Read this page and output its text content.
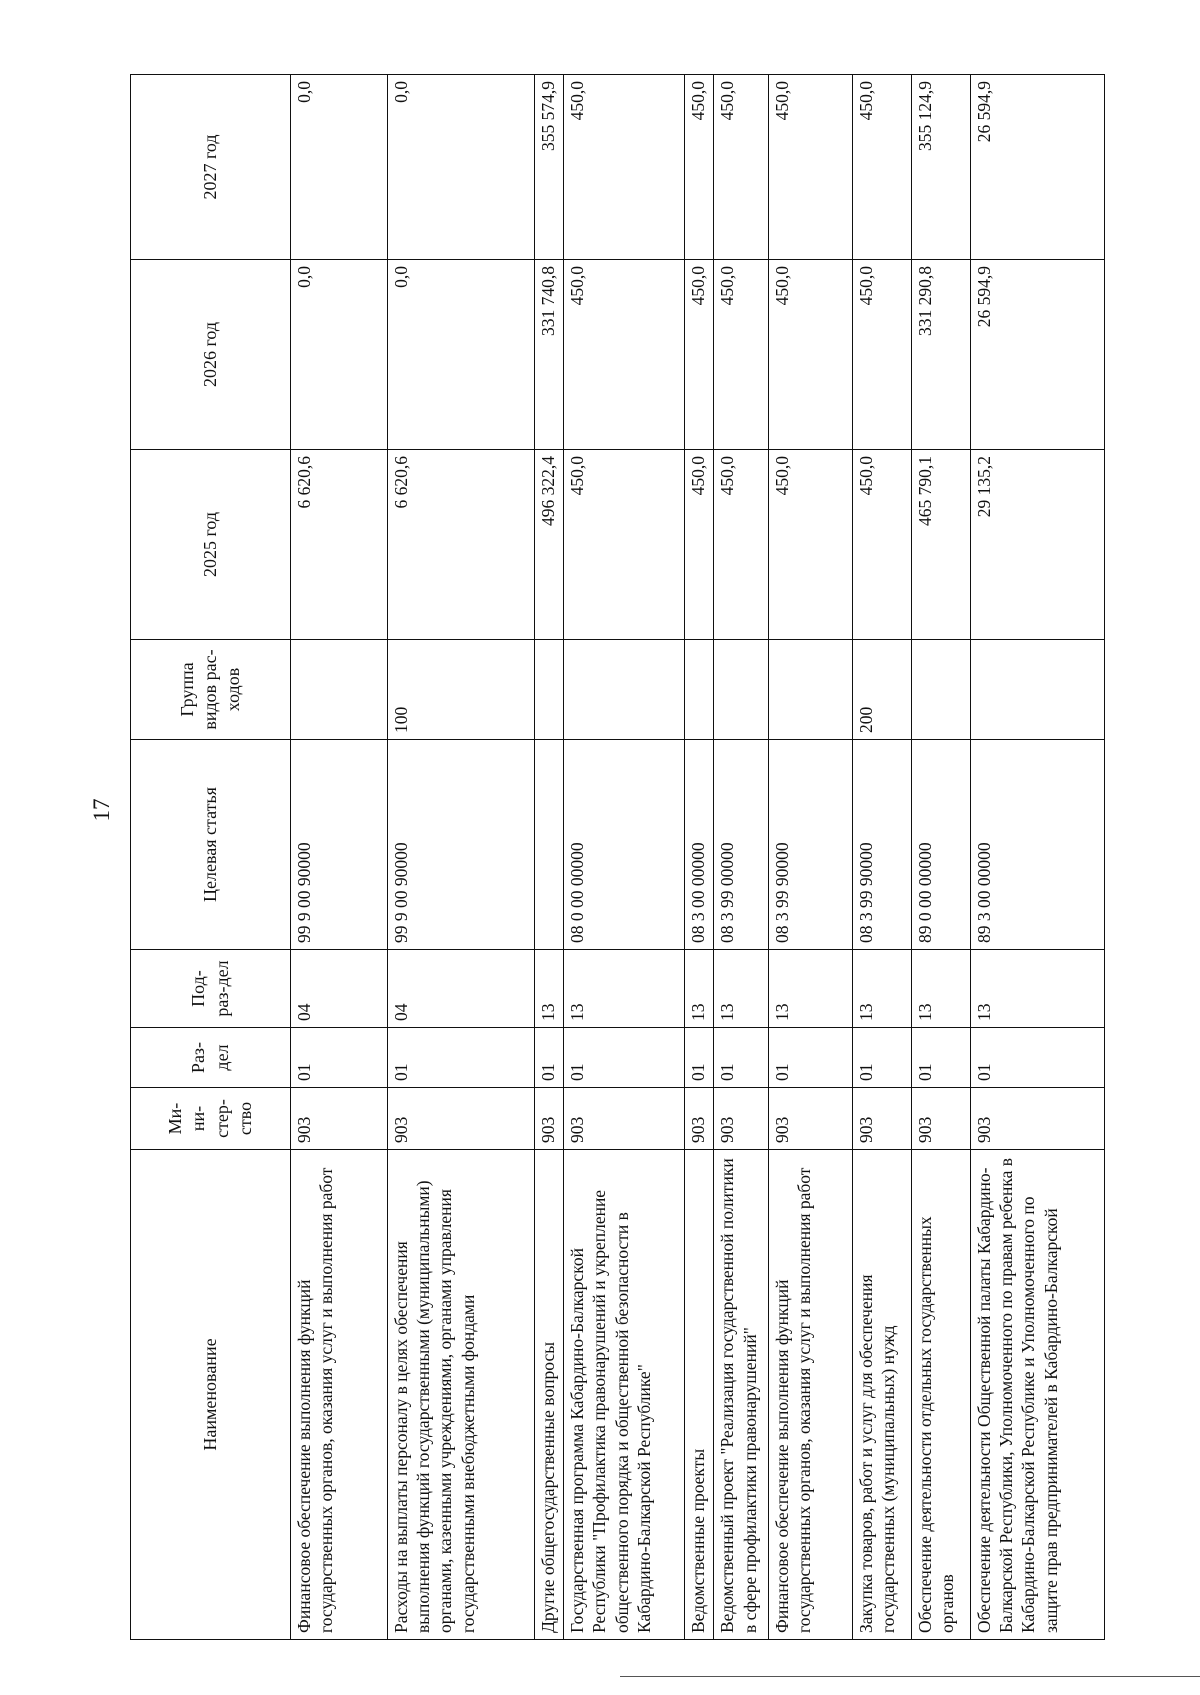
17
Наименование	Ми-ни-стер-ство	Раз-дел	Под-раз-дел	Целевая статья	Группа видов рас-ходов	2025 год	2026 год	2027 год
Финансовое обеспечение выполнения функций государственных органов, оказания услуг и выполнения работ	903	01	04	99 9 00 90000		6 620,6	0,0	0,0
Расходы на выплаты персоналу в целях обеспечения выполнения функций государственными (муниципальными) органами, казенными учреждениями, органами управления государственными внебюджетными фондами	903	01	04	99 9 00 90000	100	6 620,6	0,0	0,0
Другие общегосударственные вопросы	903	01	13			496 322,4	331 740,8	355 574,9
Государственная программа Кабардино-Балкарской Республики "Профилактика правонарушений и укрепление общественного порядка и общественной безопасности в Кабардино-Балкарской Республике"	903	01	13	08 0 00 00000		450,0	450,0	450,0
Ведомственные проекты	903	01	13	08 3 00 00000		450,0	450,0	450,0
Ведомственный проект "Реализация государственной политики в сфере профилактики правонарушений"	903	01	13	08 3 99 00000		450,0	450,0	450,0
Финансовое обеспечение выполнения функций государственных органов, оказания услуг и выполнения работ	903	01	13	08 3 99 90000		450,0	450,0	450,0
Закупка товаров, работ и услуг для обеспечения государственных (муниципальных) нужд	903	01	13	08 3 99 90000	200	450,0	450,0	450,0
Обеспечение деятельности отдельных государственных органов	903	01	13	89 0 00 00000		465 790,1	331 290,8	355 124,9
Обеспечение деятельности Общественной палаты Кабардино-Балкарской Республики, Уполномоченного по правам ребенка в Кабардино-Балкарской Республике и Уполномоченного по защите прав предпринимателей в Кабардино-Балкарской	903	01	13	89 3 00 00000		29 135,2	26 594,9	26 594,9
